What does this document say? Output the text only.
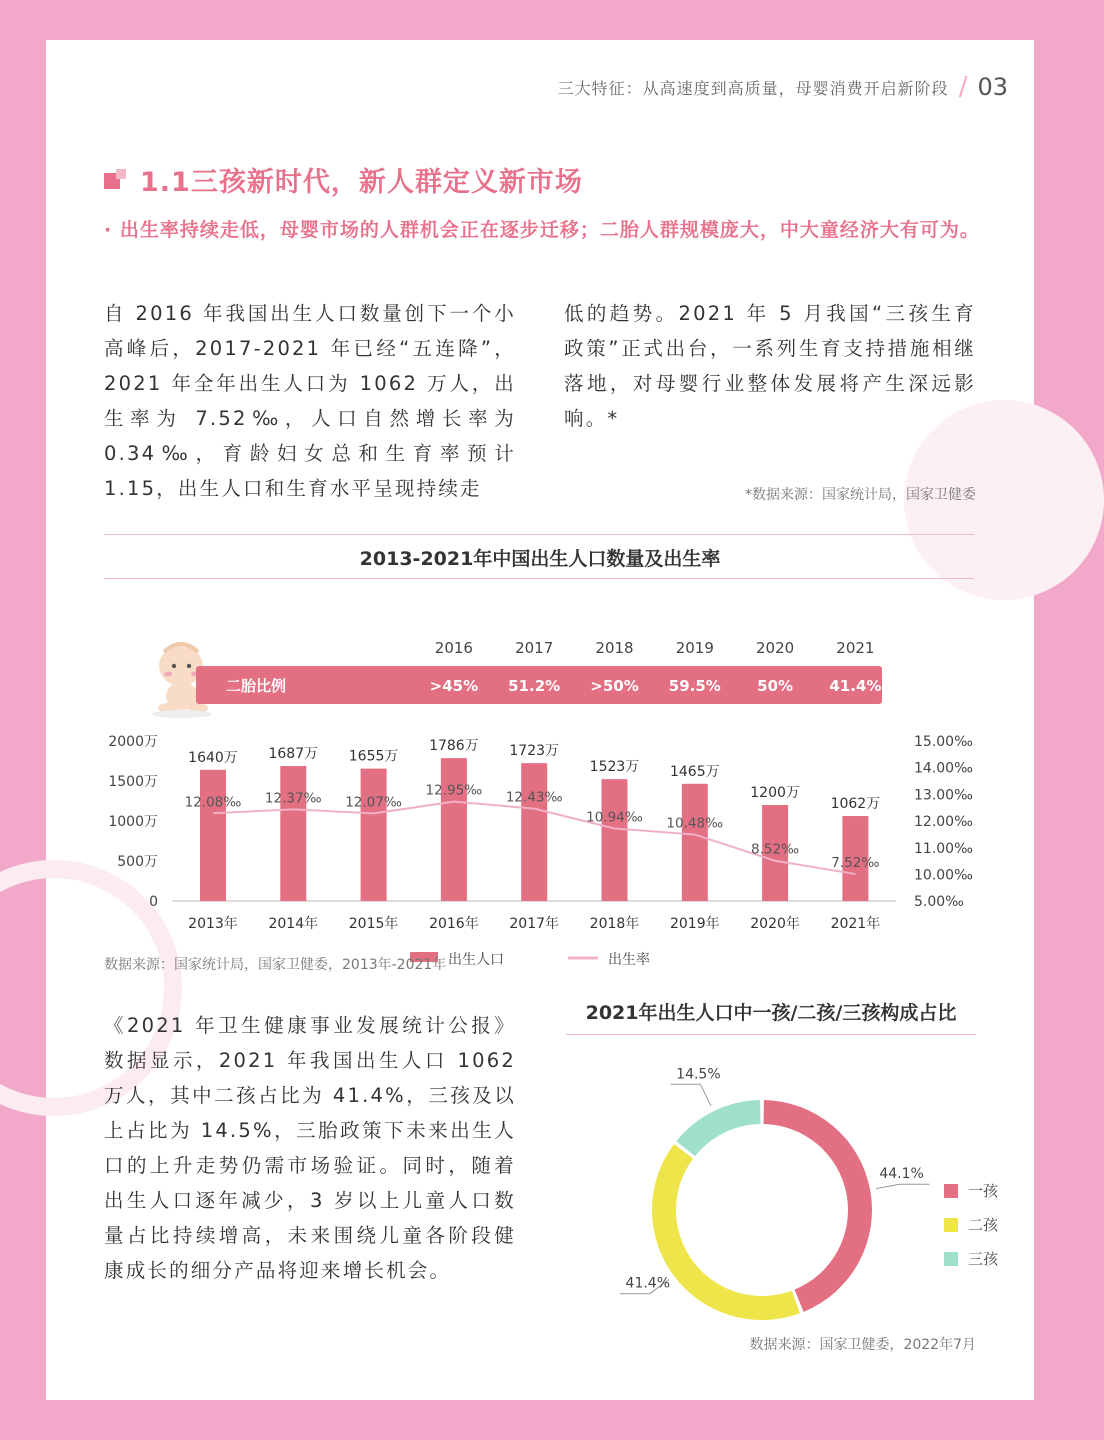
三大特征：从高速度到高质量，母婴消费开启新阶段 / 03
1.1三孩新时代，新人群定义新市场
· 出生率持续走低，母婴市场的人群机会正在逐步迁移；二胎人群规模庞大，中大童经济大有可为。
自 2016 年我国出生人口数量创下一个小高峰后，2017-2021 年已经“五连降”，2021 年全年出生人口为 1062 万人，出生率为 7.52‰，人口自然增长率为 0.34‰，育龄妇女总和生育率预计1.15，出生人口和生育水平呈现持续走
低的趋势。2021 年 5 月我国“三孩生育政策”正式出台，一系列生育支持措施相继落地，对母婴行业整体发展将产生深远影响。*
*数据来源：国家统计局，国家卫健委
2013-2021年中国出生人口数量及出生率
2016	2017	2018	2019	2020	2021
二胎比例	>45% 51.2% >50% 59.5% 50% 41.4%
2000万
1500万
1000万
500万
0
15.00‰
14.00‰
13.00‰
12.00‰
11.00‰
10.00‰
5.00‰
1640万 1687万 1655万
1786万 1723万
1523万 1465万
1200万
1062万
12.08‰ 12.37‰ 12.07‰
12.95‰ 12.43‰
10.94‰ 10.48‰
8.52‰
7.52‰
2013年 2014年 2015年 2016年 2017年 2018年 2019年 2020年 2021年
出生人口	出生率
数据来源：国家统计局，国家卫健委，2013年-2021年
《2021 年卫生健康事业发展统计公报》数据显示，2021 年我国出生人口 1062 万人，其中二孩占比为 41.4%，三孩及以上占比为 14.5%，三胎政策下未来出生人口的上升走势仍需市场验证。同时，随着出生人口逐年减少，3 岁以上儿童人口数量占比持续增高，未来围绕儿童各阶段健康成长的细分产品将迎来增长机会。
2021年出生人口中一孩/二孩/三孩构成占比
44.1%
41.4%
14.5%
一孩
二孩
三孩
数据来源：国家卫健委，2022年7月
